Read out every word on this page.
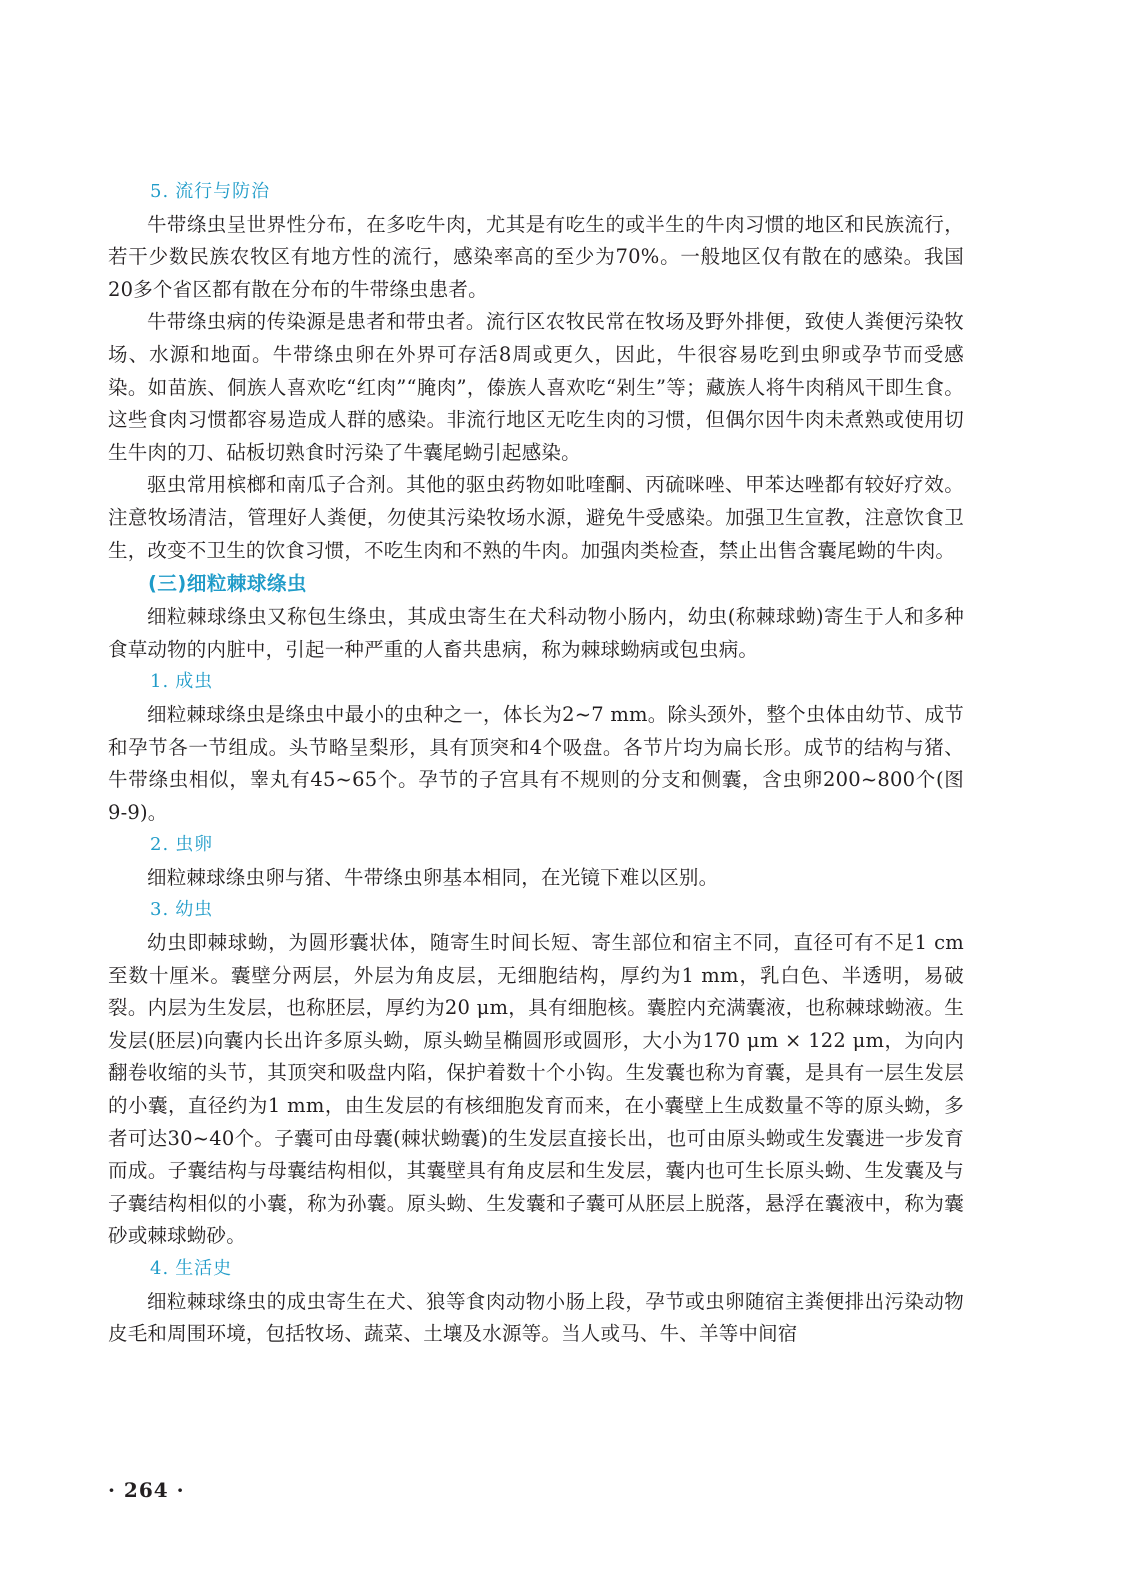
5. 流行与防治

牛带绦虫呈世界性分布，在多吃牛肉，尤其是有吃生的或半生的牛肉习惯的地区和民族流行，若干少数民族农牧区有地方性的流行，感染率高的至少为70%。一般地区仅有散在的感染。我国20多个省区都有散在分布的牛带绦虫患者。

牛带绦虫病的传染源是患者和带虫者。流行区农牧民常在牧场及野外排便，致使人粪便污染牧场、水源和地面。牛带绦虫卵在外界可存活8周或更久，因此，牛很容易吃到虫卵或孕节而受感染。如苗族、侗族人喜欢吃“红肉”“腌肉”，傣族人喜欢吃“剁生”等；藏族人将牛肉稍风干即生食。这些食肉习惯都容易造成人群的感染。非流行地区无吃生肉的习惯，但偶尔因牛肉未煮熟或使用切生牛肉的刀、砧板切熟食时污染了牛囊尾蚴引起感染。

驱虫常用槟榔和南瓜子合剂。其他的驱虫药物如吡喹酮、丙硫咪唑、甲苯达唑都有较好疗效。注意牧场清洁，管理好人粪便，勿使其污染牧场水源，避免牛受感染。加强卫生宣教，注意饮食卫生，改变不卫生的饮食习惯，不吃生肉和不熟的牛肉。加强肉类检查，禁止出售含囊尾蚴的牛肉。

(三)细粒棘球绦虫

细粒棘球绦虫又称包生绦虫，其成虫寄生在犬科动物小肠内，幼虫(称棘球蚴)寄生于人和多种食草动物的内脏中，引起一种严重的人畜共患病，称为棘球蚴病或包虫病。

1. 成虫

细粒棘球绦虫是绦虫中最小的虫种之一，体长为2~7 mm。除头颈外，整个虫体由幼节、成节和孕节各一节组成。头节略呈梨形，具有顶突和4个吸盘。各节片均为扁长形。成节的结构与猪、牛带绦虫相似，睾丸有45~65个。孕节的子宫具有不规则的分支和侧囊，含虫卵200~800个(图9-9)。

2. 虫卵

细粒棘球绦虫卵与猪、牛带绦虫卵基本相同，在光镜下难以区别。

3. 幼虫

幼虫即棘球蚴，为圆形囊状体，随寄生时间长短、寄生部位和宿主不同，直径可有不足1 cm至数十厘米。囊壁分两层，外层为角皮层，无细胞结构，厚约为1 mm，乳白色、半透明，易破裂。内层为生发层，也称胚层，厚约为20 μm，具有细胞核。囊腔内充满囊液，也称棘球蚴液。生发层(胚层)向囊内长出许多原头蚴，原头蚴呈椭圆形或圆形，大小为170 μm × 122 μm，为向内翻卷收缩的头节，其顶突和吸盘内陷，保护着数十个小钩。生发囊也称为育囊，是具有一层生发层的小囊，直径约为1 mm，由生发层的有核细胞发育而来，在小囊壁上生成数量不等的原头蚴，多者可达30~40个。子囊可由母囊(棘状蚴囊)的生发层直接长出，也可由原头蚴或生发囊进一步发育而成。子囊结构与母囊结构相似，其囊壁具有角皮层和生发层，囊内也可生长原头蚴、生发囊及与子囊结构相似的小囊，称为孙囊。原头蚴、生发囊和子囊可从胚层上脱落，悬浮在囊液中，称为囊砂或棘球蚴砂。

4. 生活史

细粒棘球绦虫的成虫寄生在犬、狼等食肉动物小肠上段，孕节或虫卵随宿主粪便排出污染动物皮毛和周围环境，包括牧场、蔬菜、土壤及水源等。当人或马、牛、羊等中间宿

· 264 ·
